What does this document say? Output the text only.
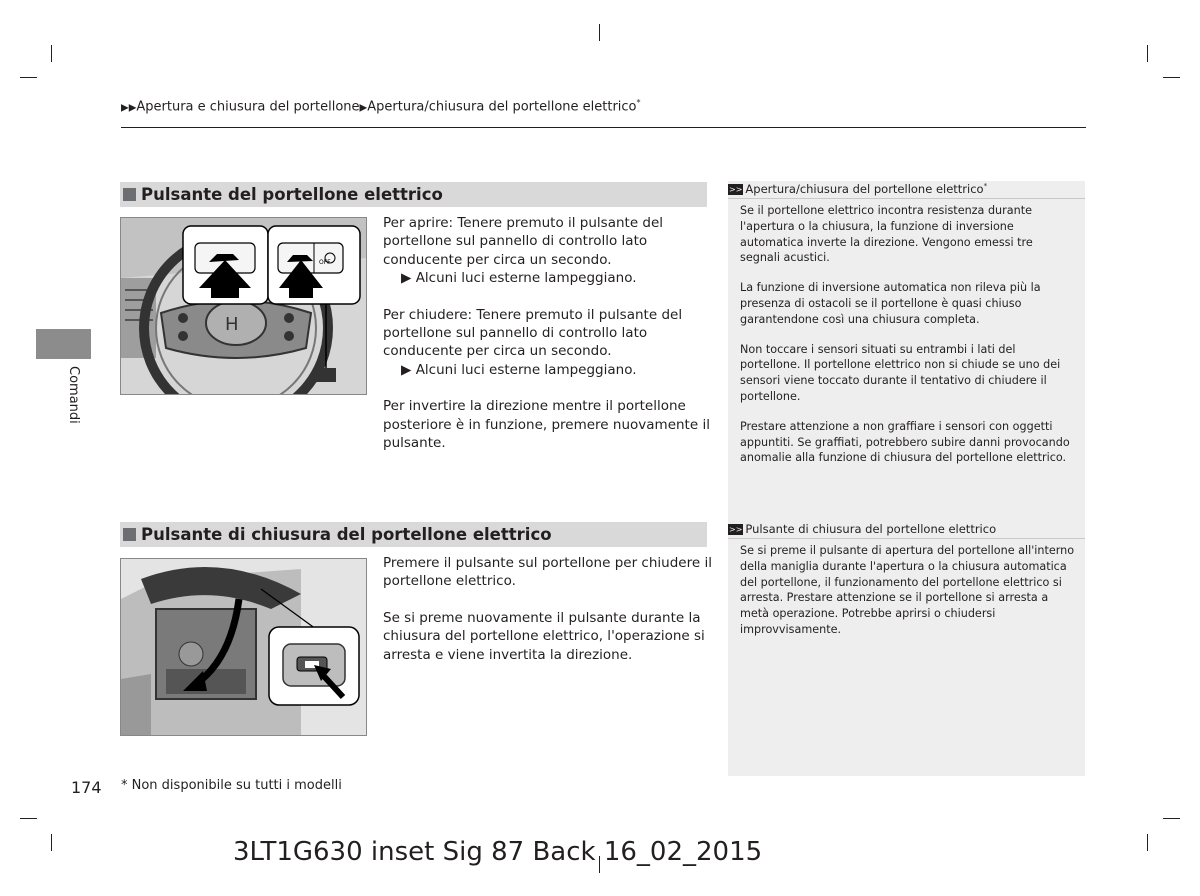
▶▶Apertura e chiusura del portellone▶Apertura/chiusura del portellone elettrico*
Comandi
Pulsante del portellone elettrico
H
OFF

Per aprire: Tenere premuto il pulsante del portellone sul pannello di controllo lato conducente per circa un secondo.
▶ Alcuni luci esterne lampeggiano.

Per chiudere: Tenere premuto il pulsante del portellone sul pannello di controllo lato conducente per circa un secondo.
▶ Alcuni luci esterne lampeggiano.

Per invertire la direzione mentre il portellone posteriore è in funzione, premere nuovamente il pulsante.

Pulsante di chiusura del portellone elettrico

Premere il pulsante sul portellone per chiudere il portellone elettrico.

Se si preme nuovamente il pulsante durante la chiusura del portellone elettrico, l'operazione si arresta e viene invertita la direzione.

>> Apertura/chiusura del portellone elettrico*

Se il portellone elettrico incontra resistenza durante l'apertura o la chiusura, la funzione di inversione automatica inverte la direzione. Vengono emessi tre segnali acustici.

La funzione di inversione automatica non rileva più la presenza di ostacoli se il portellone è quasi chiuso garantendone così una chiusura completa.

Non toccare i sensori situati su entrambi i lati del portellone. Il portellone elettrico non si chiude se uno dei sensori viene toccato durante il tentativo di chiudere il portellone.

Prestare attenzione a non graffiare i sensori con oggetti appuntiti. Se graffiati, potrebbero subire danni provocando anomalie alla funzione di chiusura del portellone elettrico.

>> Pulsante di chiusura del portellone elettrico

Se si preme il pulsante di apertura del portellone all'interno della maniglia durante l'apertura o la chiusura automatica del portellone, il funzionamento del portellone elettrico si arresta. Prestare attenzione se il portellone si arresta a metà operazione. Potrebbe aprirsi o chiudersi improvvisamente.

174 * Non disponibile su tutti i modelli
3LT1G630 inset Sig 87 Back 16_02_2015
